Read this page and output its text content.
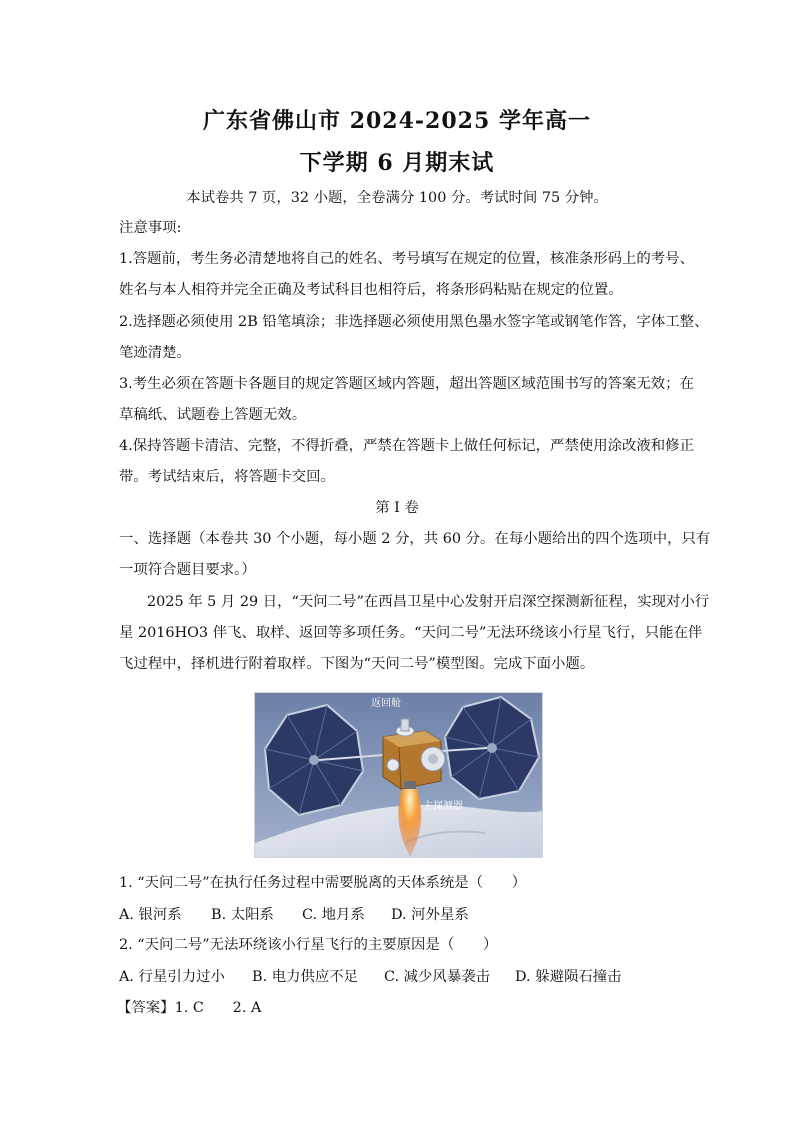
广东省佛山市 2024-2025 学年高一
下学期 6 月期末试
本试卷共 7 页，32 小题，全卷满分 100 分。考试时间 75 分钟。
注意事项:
1.答题前，考生务必清楚地将自己的姓名、考号填写在规定的位置，核准条形码上的考号、
姓名与本人相符并完全正确及考试科目也相符后，将条形码粘贴在规定的位置。
2.选择题必须使用 2B 铅笔填涂；非选择题必须使用黑色墨水签字笔或钢笔作答，字体工整、
笔迹清楚。
3.考生必须在答题卡各题目的规定答题区域内答题，超出答题区域范围书写的答案无效；在
草稿纸、试题卷上答题无效。
4.保持答题卡清洁、完整，不得折叠，严禁在答题卡上做任何标记，严禁使用涂改液和修正
带。考试结束后，将答题卡交回。
第 I 卷
一、选择题（本卷共 30 个小题，每小题 2 分，共 60 分。在每小题给出的四个选项中，只有
一项符合题目要求。）
2025 年 5 月 29 日，“天问二号”在西昌卫星中心发射开启深空探测新征程，实现对小行
星 2016HO3 伴飞、取样、返回等多项任务。“天问二号”无法环绕该小行星飞行，只能在伴
飞过程中，择机进行附着取样。下图为“天问二号”模型图。完成下面小题。
返回舱
主探测器
1. “天问二号”在执行任务过程中需要脱离的天体系统是（　　）
A. 银河系 B. 太阳系 C. 地月系 D. 河外星系
2. “天问二号”无法环绕该小行星飞行的主要原因是（　　）
A. 行星引力过小 B. 电力供应不足 C. 减少风暴袭击 D. 躲避陨石撞击
【答案】1. C　　2. A
